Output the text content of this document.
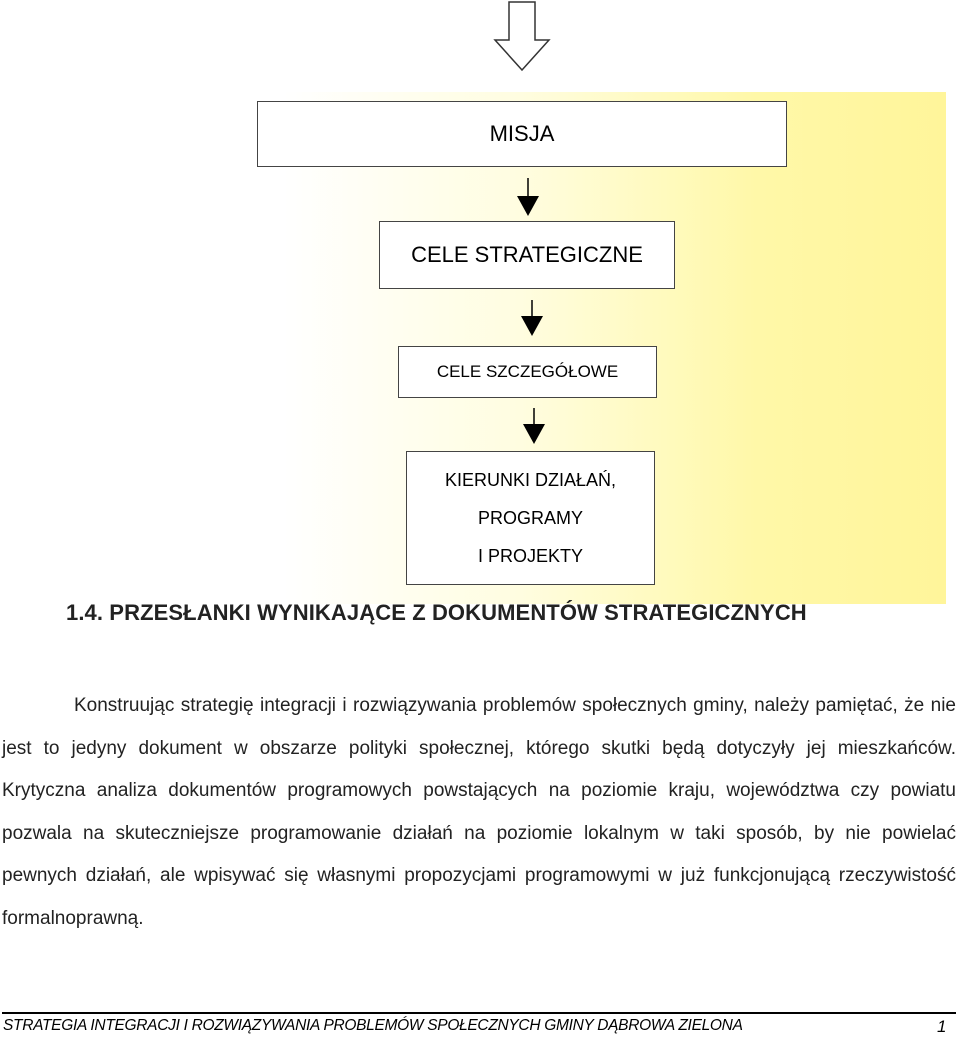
MISJA
CELE STRATEGICZNE
CELE SZCZEGÓŁOWE
KIERUNKI DZIAŁAŃ,
PROGRAMY
I PROJEKTY
1.4. PRZESŁANKI WYNIKAJĄCE Z DOKUMENTÓW STRATEGICZNYCH

Konstruując strategię integracji i rozwiązywania problemów społecznych gminy, należy pamiętać, że nie jest to jedyny dokument w obszarze polityki społecznej, którego skutki będą dotyczyły jej mieszkańców. Krytyczna analiza dokumentów programowych powstających na poziomie kraju, województwa czy powiatu pozwala na skuteczniejsze programowanie działań na poziomie lokalnym w taki sposób, by nie powielać pewnych działań, ale wpisywać się własnymi propozycjami programowymi w już funkcjonującą rzeczywistość formalnoprawną.

STRATEGIA INTEGRACJI I ROZWIĄZYWANIA PROBLEMÓW SPOŁECZNYCH GMINY DĄBROWA ZIELONA	1
